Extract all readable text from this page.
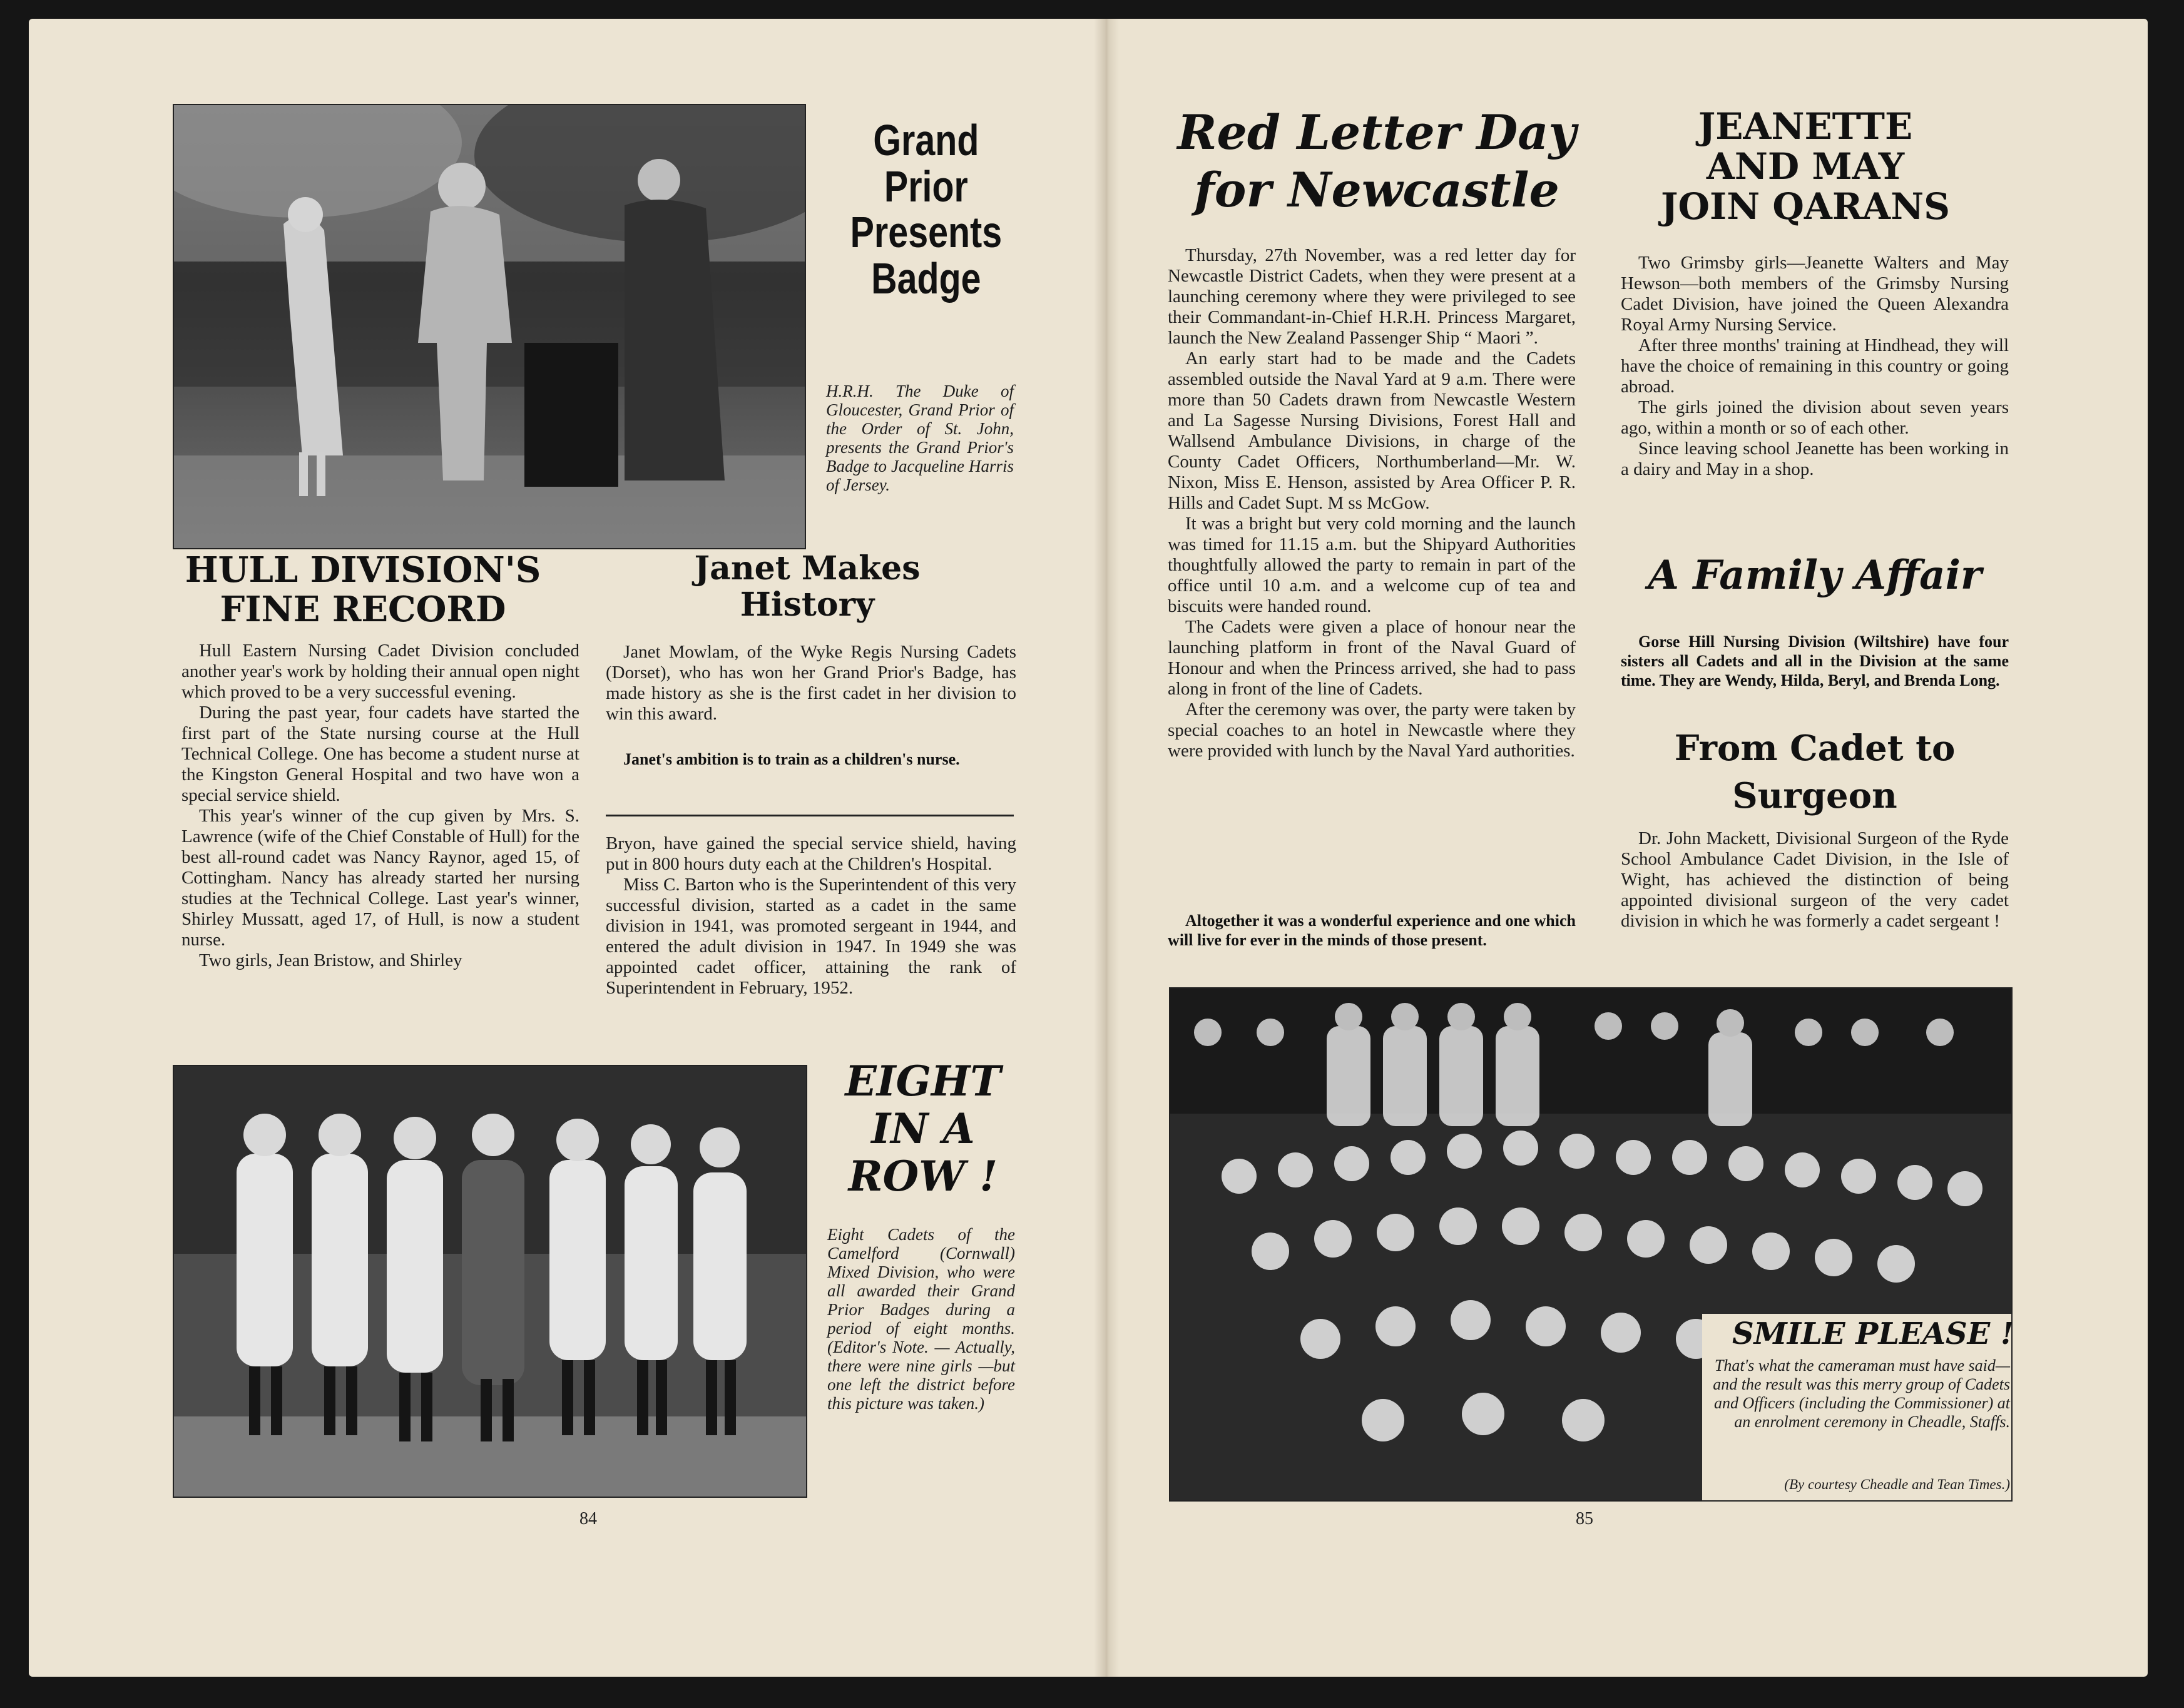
Grand
Prior
Presents
Badge
H.R.H. The Duke of Gloucester, Grand Prior of the Order of St. John, presents the Grand Prior's Badge to Jacqueline Harris of Jersey.
HULL DIVISION'S
FINE RECORD

Hull Eastern Nursing Cadet Division concluded another year's work by holding their annual open night which proved to be a very successful evening.

During the past year, four cadets have started the first part of the State nursing course at the Hull Technical College. One has become a student nurse at the Kingston General Hospital and two have won a special service shield.

This year's winner of the cup given by Mrs. S. Lawrence (wife of the Chief Constable of Hull) for the best all-round cadet was Nancy Raynor, aged 15, of Cottingham. Nancy has already started her nursing studies at the Technical College. Last year's winner, Shirley Mussatt, aged 17, of Hull, is now a student nurse.

Two girls, Jean Bristow, and Shirley

Janet Makes
History

Janet Mowlam, of the Wyke Regis Nursing Cadets (Dorset), who has won her Grand Prior's Badge, has made history as she is the first cadet in her division to win this award.

Janet's ambition is to train as a children's nurse.

Bryon, have gained the special service shield, having put in 800 hours duty each at the Children's Hospital.

Miss C. Barton who is the Superintendent of this very successful division, started as a cadet in the same division in 1941, was promoted sergeant in 1944, and entered the adult division in 1947. In 1949 she was appointed cadet officer, attaining the rank of Superintendent in February, 1952.

EIGHT
IN A
ROW !
Eight Cadets of the Camelford (Cornwall) Mixed Division, who were all awarded their Grand Prior Badges during a period of eight months. (Editor's Note. — Actually, there were nine girls —but one left the district before this picture was taken.)
84
Red Letter Day
for Newcastle

Thursday, 27th November, was a red letter day for Newcastle District Cadets, when they were present at a launching ceremony where they were privileged to see their Commandant-in-Chief H.R.H. Princess Margaret, launch the New Zealand Passenger Ship “ Maori ”.

An early start had to be made and the Cadets assembled outside the Naval Yard at 9 a.m. There were more than 50 Cadets drawn from Newcastle Western and La Sagesse Nursing Divisions, Forest Hall and Wallsend Ambulance Divisions, in charge of the County Cadet Officers, Northumberland—Mr. W. Nixon, Miss E. Henson, assisted by Area Officer P. R. Hills and Cadet Supt. M ss McGow.

It was a bright but very cold morning and the launch was timed for 11.15 a.m. but the Shipyard Authorities thoughtfully allowed the party to remain in part of the office until 10 a.m. and a welcome cup of tea and biscuits were handed round.

The Cadets were given a place of honour near the launching platform in front of the Naval Guard of Honour and when the Princess arrived, she had to pass along in front of the line of Cadets.

After the ceremony was over, the party were taken by special coaches to an hotel in Newcastle where they were provided with lunch by the Naval Yard authorities.

Altogether it was a wonderful experience and one which will live for ever in the minds of those present.
JEANETTE
AND MAY
JOIN QARANS

Two Grimsby girls—Jeanette Walters and May Hewson—both members of the Grimsby Nursing Cadet Division, have joined the Queen Alexandra Royal Army Nursing Service.

After three months' training at Hindhead, they will have the choice of remaining in this country or going abroad.

The girls joined the division about seven years ago, within a month or so of each other.

Since leaving school Jeanette has been working in a dairy and May in a shop.

A Family Affair
Gorse Hill Nursing Division (Wiltshire) have four sisters all Cadets and all in the Division at the same time. They are Wendy, Hilda, Beryl, and Brenda Long.
From Cadet to
Surgeon

Dr. John Mackett, Divisional Surgeon of the Ryde School Ambulance Cadet Division, in the Isle of Wight, has achieved the distinction of being appointed divisional surgeon of the very cadet division in which he was formerly a cadet sergeant !

SMILE PLEASE !
That's what the cameraman must have said—and the result was this merry group of Cadets and Officers (including the Commissioner) at an enrolment ceremony in Cheadle, Staffs.
(By courtesy Cheadle and Tean Times.)
85
